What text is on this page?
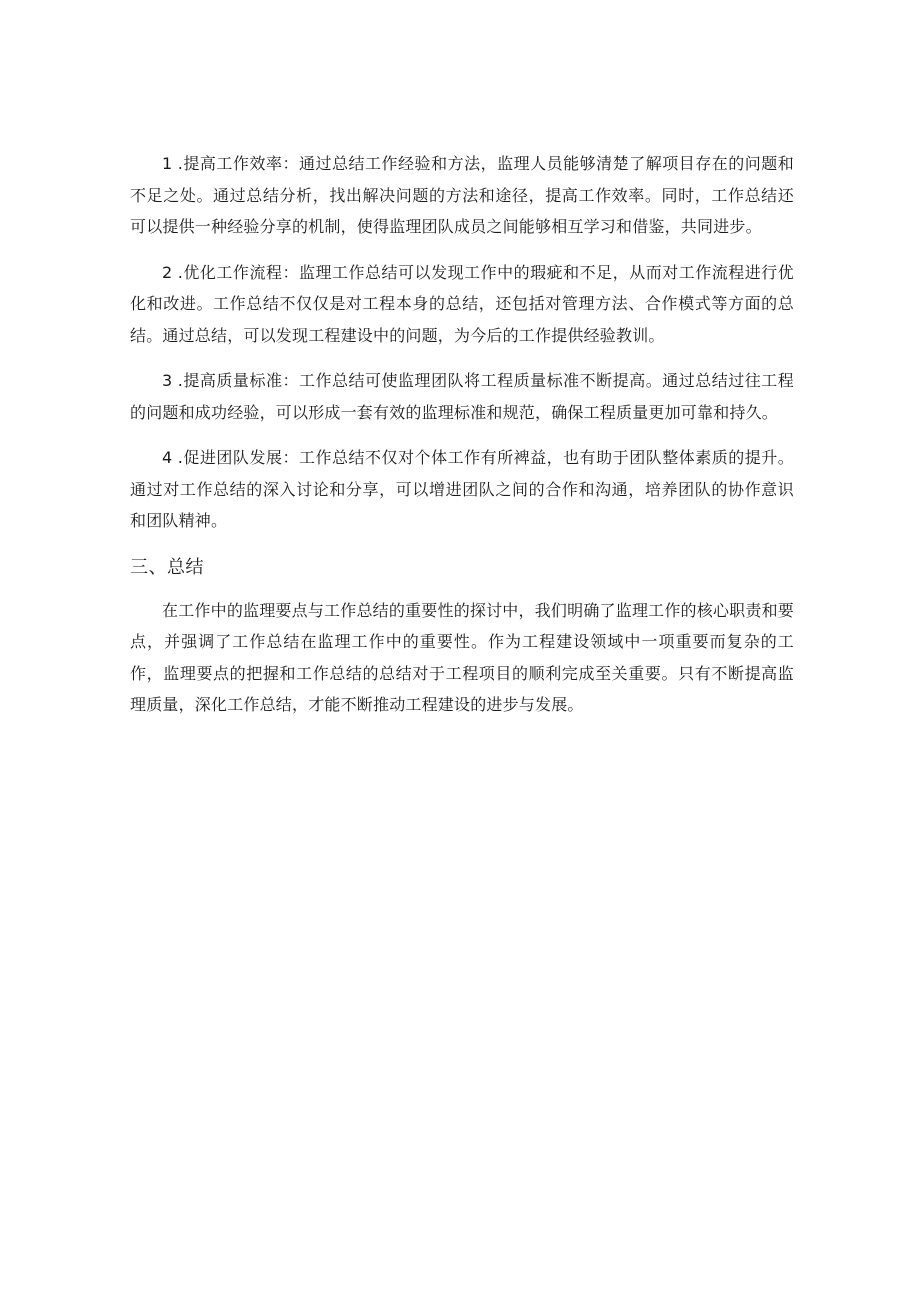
1 .提高工作效率：通过总结工作经验和方法，监理人员能够清楚了解项目存在的问题和不足之处。通过总结分析，找出解决问题的方法和途径，提高工作效率。同时，工作总结还可以提供一种经验分享的机制，使得监理团队成员之间能够相互学习和借鉴，共同进步。

2 .优化工作流程：监理工作总结可以发现工作中的瑕疵和不足，从而对工作流程进行优化和改进。工作总结不仅仅是对工程本身的总结，还包括对管理方法、合作模式等方面的总结。通过总结，可以发现工程建设中的问题，为今后的工作提供经验教训。

3 .提高质量标准：工作总结可使监理团队将工程质量标准不断提高。通过总结过往工程的问题和成功经验，可以形成一套有效的监理标准和规范，确保工程质量更加可靠和持久。

4 .促进团队发展：工作总结不仅对个体工作有所裨益，也有助于团队整体素质的提升。通过对工作总结的深入讨论和分享，可以增进团队之间的合作和沟通，培养团队的协作意识和团队精神。

三、总结

在工作中的监理要点与工作总结的重要性的探讨中，我们明确了监理工作的核心职责和要点，并强调了工作总结在监理工作中的重要性。作为工程建设领域中一项重要而复杂的工作，监理要点的把握和工作总结的总结对于工程项目的顺利完成至关重要。只有不断提高监理质量，深化工作总结，才能不断推动工程建设的进步与发展。
